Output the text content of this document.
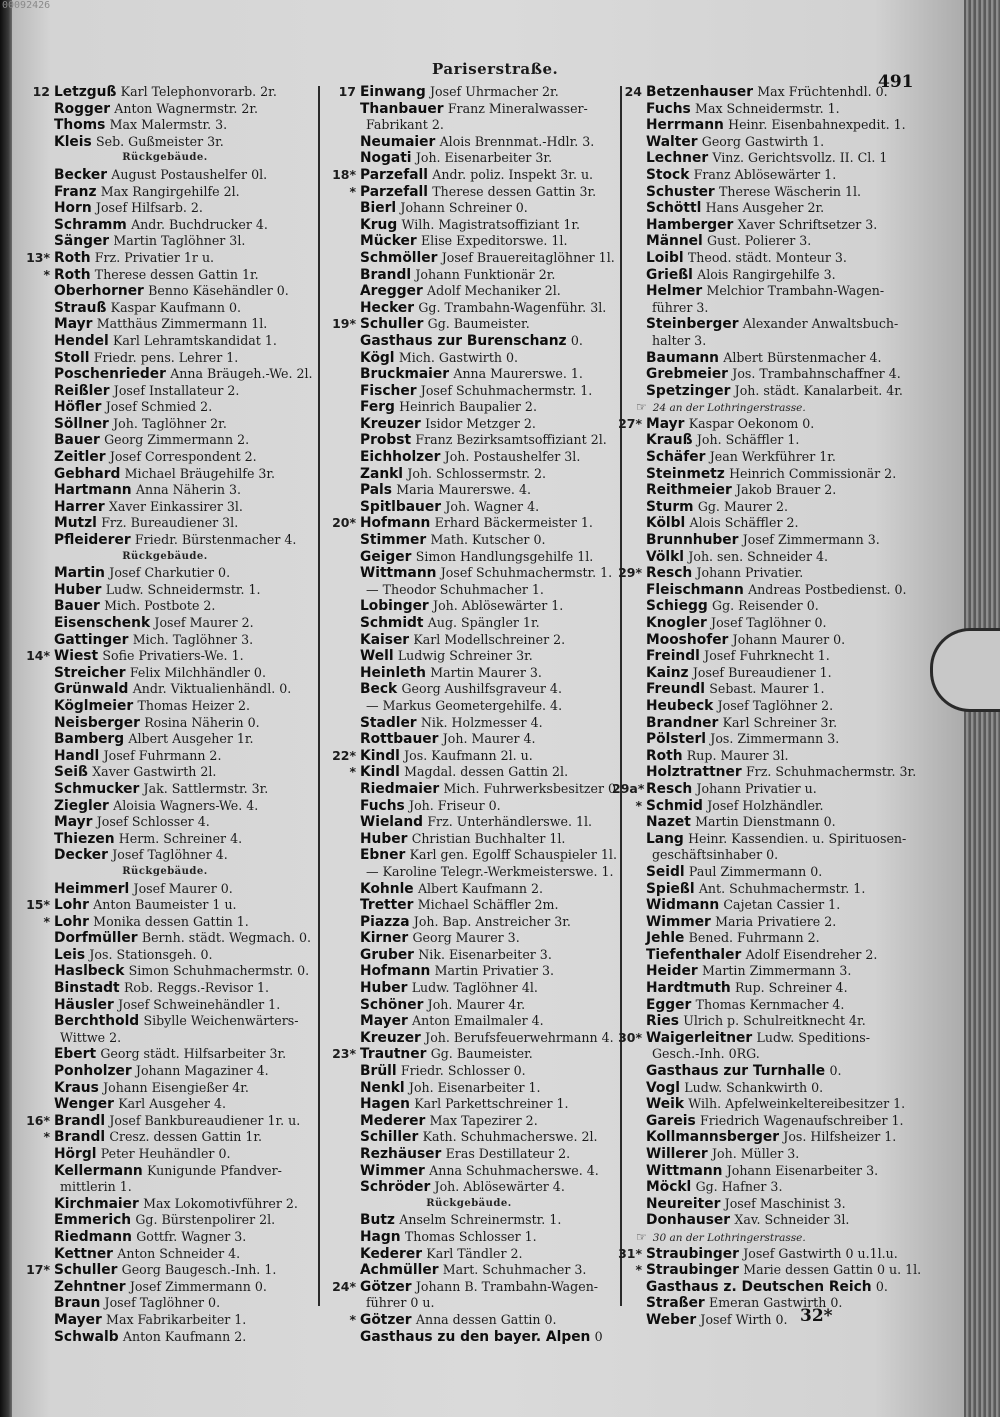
00092426
Pariserstraße.
491
12 Letzguß Karl Telephonvorarb. 2r.
Rogger Anton Wagnermstr. 2r.
Thoms Max Malermstr. 3.
Kleis Seb. Gußmeister 3r.
Rückgebäude.
Becker August Postaushelfer 0l.
Franz Max Rangirgehilfe 2l.
Horn Josef Hilfsarb. 2.
Schramm Andr. Buchdrucker 4.
Sänger Martin Taglöhner 3l.
13* Roth Frz. Privatier 1r u.
* Roth Therese dessen Gattin 1r.
Oberhorner Benno Käsehändler 0.
Strauß Kaspar Kaufmann 0.
Mayr Matthäus Zimmermann 1l.
Hendel Karl Lehramtskandidat 1.
Stoll Friedr. pens. Lehrer 1.
Poschenrieder Anna Bräugeh.-We. 2l.
Reißler Josef Installateur 2.
Höfler Josef Schmied 2.
Söllner Joh. Taglöhner 2r.
Bauer Georg Zimmermann 2.
Zeitler Josef Correspondent 2.
Gebhard Michael Bräugehilfe 3r.
Hartmann Anna Näherin 3.
Harrer Xaver Einkassirer 3l.
Mutzl Frz. Bureaudiener 3l.
Pfleiderer Friedr. Bürstenmacher 4.
Rückgebäude.
Martin Josef Charkutier 0.
Huber Ludw. Schneidermstr. 1.
Bauer Mich. Postbote 2.
Eisenschenk Josef Maurer 2.
Gattinger Mich. Taglöhner 3.
14* Wiest Sofie Privatiers-We. 1.
Streicher Felix Milchhändler 0.
Grünwald Andr. Viktualienhändl. 0.
Köglmeier Thomas Heizer 2.
Neisberger Rosina Näherin 0.
Bamberg Albert Ausgeher 1r.
Handl Josef Fuhrmann 2.
Seiß Xaver Gastwirth 2l.
Schmucker Jak. Sattlermstr. 3r.
Ziegler Aloisia Wagners-We. 4.
Mayr Josef Schlosser 4.
Thiezen Herm. Schreiner 4.
Decker Josef Taglöhner 4.
Rückgebäude.
Heimmerl Josef Maurer 0.
15* Lohr Anton Baumeister 1 u.
* Lohr Monika dessen Gattin 1.
Dorfmüller Bernh. städt. Wegmach. 0.
Leis Jos. Stationsgeh. 0.
Haslbeck Simon Schuhmachermstr. 0.
Binstadt Rob. Reggs.-Revisor 1.
Häusler Josef Schweinehändler 1.
Berchthold Sibylle Weichenwärters-
Wittwe 2.
Ebert Georg städt. Hilfsarbeiter 3r.
Ponholzer Johann Magaziner 4.
Kraus Johann Eisengießer 4r.
Wenger Karl Ausgeher 4.
16* Brandl Josef Bankbureaudiener 1r. u.
* Brandl Cresz. dessen Gattin 1r.
Hörgl Peter Heuhändler 0.
Kellermann Kunigunde Pfandver-
mittlerin 1.
Kirchmaier Max Lokomotivführer 2.
Emmerich Gg. Bürstenpolirer 2l.
Riedmann Gottfr. Wagner 3.
Kettner Anton Schneider 4.
17* Schuller Georg Baugesch.-Inh. 1.
Zehntner Josef Zimmermann 0.
Braun Josef Taglöhner 0.
Mayer Max Fabrikarbeiter 1.
Schwalb Anton Kaufmann 2.
17 Einwang Josef Uhrmacher 2r.
Thanbauer Franz Mineralwasser-
Fabrikant 2.
Neumaier Alois Brennmat.-Hdlr. 3.
Nogati Joh. Eisenarbeiter 3r.
18* Parzefall Andr. poliz. Inspekt 3r. u.
* Parzefall Therese dessen Gattin 3r.
Bierl Johann Schreiner 0.
Krug Wilh. Magistratsoffiziant 1r.
Mücker Elise Expeditorswe. 1l.
Schmöller Josef Brauereitaglöhner 1l.
Brandl Johann Funktionär 2r.
Aregger Adolf Mechaniker 2l.
Hecker Gg. Trambahn-Wagenführ. 3l.
19* Schuller Gg. Baumeister.
Gasthaus zur Burenschanz 0.
Kögl Mich. Gastwirth 0.
Bruckmaier Anna Maurerswe. 1.
Fischer Josef Schuhmachermstr. 1.
Ferg Heinrich Baupalier 2.
Kreuzer Isidor Metzger 2.
Probst Franz Bezirksamtsoffiziant 2l.
Eichholzer Joh. Postaushelfer 3l.
Zankl Joh. Schlossermstr. 2.
Pals Maria Maurerswe. 4.
Spitlbauer Joh. Wagner 4.
20* Hofmann Erhard Bäckermeister 1.
Stimmer Math. Kutscher 0.
Geiger Simon Handlungsgehilfe 1l.
Wittmann Josef Schuhmachermstr. 1.
— Theodor Schuhmacher 1.
Lobinger Joh. Ablösewärter 1.
Schmidt Aug. Spängler 1r.
Kaiser Karl Modellschreiner 2.
Well Ludwig Schreiner 3r.
Heinleth Martin Maurer 3.
Beck Georg Aushilfsgraveur 4.
— Markus Geometergehilfe. 4.
Stadler Nik. Holzmesser 4.
Rottbauer Joh. Maurer 4.
22* Kindl Jos. Kaufmann 2l. u.
* Kindl Magdal. dessen Gattin 2l.
Riedmaier Mich. Fuhrwerksbesitzer 0.
Fuchs Joh. Friseur 0.
Wieland Frz. Unterhändlerswe. 1l.
Huber Christian Buchhalter 1l.
Ebner Karl gen. Egolff Schauspieler 1l.
— Karoline Telegr.-Werkmeisterswe. 1.
Kohnle Albert Kaufmann 2.
Tretter Michael Schäffler 2m.
Piazza Joh. Bap. Anstreicher 3r.
Kirner Georg Maurer 3.
Gruber Nik. Eisenarbeiter 3.
Hofmann Martin Privatier 3.
Huber Ludw. Taglöhner 4l.
Schöner Joh. Maurer 4r.
Mayer Anton Emailmaler 4.
Kreuzer Joh. Berufsfeuerwehrmann 4.
23* Trautner Gg. Baumeister.
Brüll Friedr. Schlosser 0.
Nenkl Joh. Eisenarbeiter 1.
Hagen Karl Parkettschreiner 1.
Mederer Max Tapezirer 2.
Schiller Kath. Schuhmacherswe. 2l.
Rezhäuser Eras Destillateur 2.
Wimmer Anna Schuhmacherswe. 4.
Schröder Joh. Ablösewärter 4.
Rückgebäude.
Butz Anselm Schreinermstr. 1.
Hagn Thomas Schlosser 1.
Kederer Karl Tändler 2.
Achmüller Mart. Schuhmacher 3.
24* Götzer Johann B. Trambahn-Wagen-
führer 0 u.
* Götzer Anna dessen Gattin 0.
Gasthaus zu den bayer. Alpen 0
24 Betzenhauser Max Früchtenhdl. 0.
Fuchs Max Schneidermstr. 1.
Herrmann Heinr. Eisenbahnexpedit. 1.
Walter Georg Gastwirth 1.
Lechner Vinz. Gerichtsvollz. II. Cl. 1
Stock Franz Ablösewärter 1.
Schuster Therese Wäscherin 1l.
Schöttl Hans Ausgeher 2r.
Hamberger Xaver Schriftsetzer 3.
Männel Gust. Polierer 3.
Loibl Theod. städt. Monteur 3.
Grießl Alois Rangirgehilfe 3.
Helmer Melchior Trambahn-Wagen-
führer 3.
Steinberger Alexander Anwaltsbuch-
halter 3.
Baumann Albert Bürstenmacher 4.
Grebmeier Jos. Trambahnschaffner 4.
Spetzinger Joh. städt. Kanalarbeit. 4r.
☞ 24 an der Lothringerstrasse.
27* Mayr Kaspar Oekonom 0.
Krauß Joh. Schäffler 1.
Schäfer Jean Werkführer 1r.
Steinmetz Heinrich Commissionär 2.
Reithmeier Jakob Brauer 2.
Sturm Gg. Maurer 2.
Kölbl Alois Schäffler 2.
Brunnhuber Josef Zimmermann 3.
Völkl Joh. sen. Schneider 4.
29* Resch Johann Privatier.
Fleischmann Andreas Postbedienst. 0.
Schiegg Gg. Reisender 0.
Knogler Josef Taglöhner 0.
Mooshofer Johann Maurer 0.
Freindl Josef Fuhrknecht 1.
Kainz Josef Bureaudiener 1.
Freundl Sebast. Maurer 1.
Heubeck Josef Taglöhner 2.
Brandner Karl Schreiner 3r.
Pölsterl Jos. Zimmermann 3.
Roth Rup. Maurer 3l.
Holztrattner Frz. Schuhmachermstr. 3r.
29a* Resch Johann Privatier u.
* Schmid Josef Holzhändler.
Nazet Martin Dienstmann 0.
Lang Heinr. Kassendien. u. Spirituosen-
geschäftsinhaber 0.
Seidl Paul Zimmermann 0.
Spießl Ant. Schuhmachermstr. 1.
Widmann Cajetan Cassier 1.
Wimmer Maria Privatiere 2.
Jehle Bened. Fuhrmann 2.
Tiefenthaler Adolf Eisendreher 2.
Heider Martin Zimmermann 3.
Hardtmuth Rup. Schreiner 4.
Egger Thomas Kernmacher 4.
Ries Ulrich p. Schulreitknecht 4r.
30* Waigerleitner Ludw. Speditions-
Gesch.-Inh. 0RG.
Gasthaus zur Turnhalle 0.
Vogl Ludw. Schankwirth 0.
Weik Wilh. Apfelweinkeltereibesitzer 1.
Gareis Friedrich Wagenaufschreiber 1.
Kollmannsberger Jos. Hilfsheizer 1.
Willerer Joh. Müller 3.
Wittmann Johann Eisenarbeiter 3.
Möckl Gg. Hafner 3.
Neureiter Josef Maschinist 3.
Donhauser Xav. Schneider 3l.
☞ 30 an der Lothringerstrasse.
31* Straubinger Josef Gastwirth 0 u.1l.u.
* Straubinger Marie dessen Gattin 0 u. 1l.
Gasthaus z. Deutschen Reich 0.
Straßer Emeran Gastwirth 0.
Weber Josef Wirth 0. 32*
